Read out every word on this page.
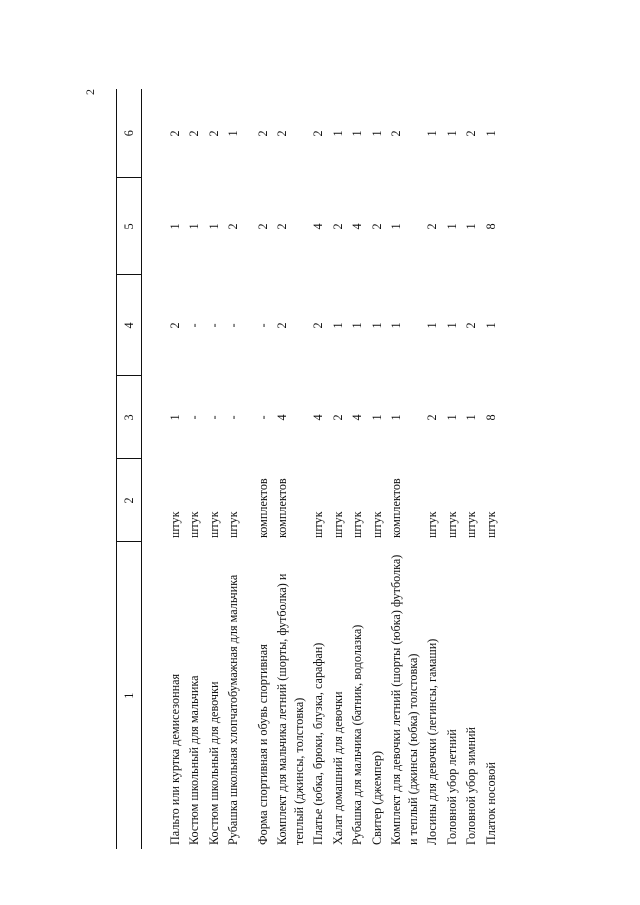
2
1	2	3	4	5	6
Пальто или куртка демисезонная	штук	1	2	1	2
Костюм школьный для мальчика	штук	-	-	1	2
Костюм школьный для девочки	штук	-	-	1	2
Рубашка школьная хлопчатобумажная для мальчика	штук	-	-	2	1
Форма спортивная и обувь спортивная	комплектов	-	-	2	2
Комплект для мальчика летний (шорты, футболка) и теплый (джинсы, толстовка)	комплектов	4	2	2	2
Платье (юбка, брюки, блузка, сарафан)	штук	4	2	4	2
Халат домашний для девочки	штук	2	1	2	1
Рубашка для мальчика (батник, водолазка)	штук	4	1	4	1
Свитер (джемпер)	штук	1	1	2	1
Комплект для девочки летний (шорты (юбка) футболка) и теплый (джинсы (юбка) толстовка)	комплектов	1	1	1	2
Лосины для девочки (легинсы, гамаши)	штук	2	1	2	1
Головной убор летний	штук	1	1	1	1
Головной убор зимний	штук	1	2	1	2
Платок носовой	штук	8	1	8	1
